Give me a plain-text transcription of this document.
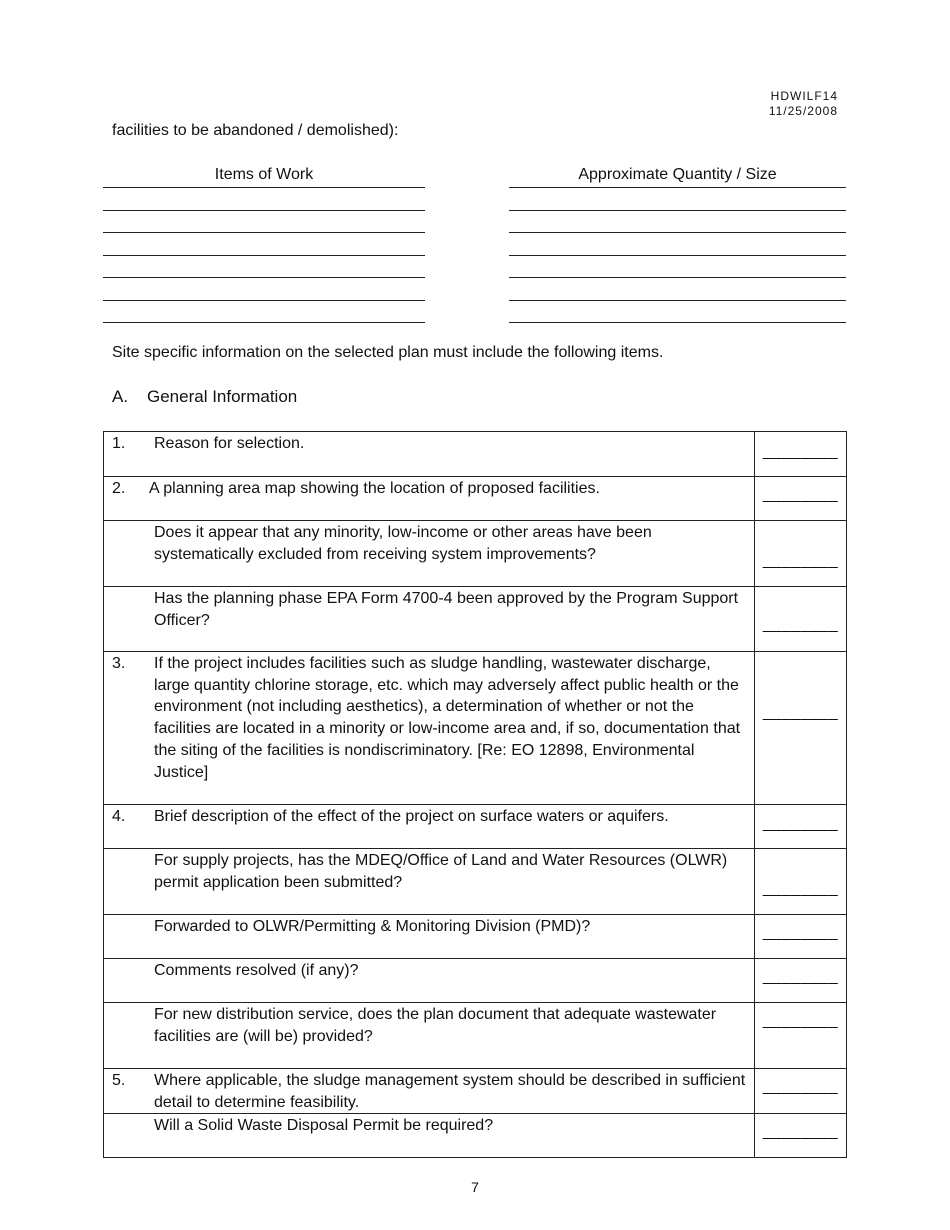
HDWILF14
11/25/2008
facilities to be abandoned / demolished):
Items of Work	Approximate Quantity / Size
Site specific information on the selected plan must include the following items.
A. General Information
1. Reason for selection.	________

2. A planning area map showing the location of proposed facilities.	________

Does it appear that any minority, low-income or other areas have been systematically excluded from receiving system improvements?	________

Has the planning phase EPA Form 4700-4 been approved by the Program Support Officer?	________

3. If the project includes facilities such as sludge handling, wastewater discharge, large quantity chlorine storage, etc. which may adversely affect public health or the environment (not including aesthetics), a determination of whether or not the facilities are located in a minority or low-income area and, if so, documentation that the siting of the facilities is nondiscriminatory. [Re: EO 12898, Environmental Justice]	________

4. Brief description of the effect of the project on surface waters or aquifers.	________

For supply projects, has the MDEQ/Office of Land and Water Resources (OLWR) permit application been submitted?	________

Forwarded to OLWR/Permitting & Monitoring Division (PMD)?	________

Comments resolved (if any)?	________

For new distribution service, does the plan document that adequate wastewater facilities are (will be) provided?	________

5. Where applicable, the sludge management system should be described in sufficient detail to determine feasibility.	________

Will a Solid Waste Disposal Permit be required?	________
7
